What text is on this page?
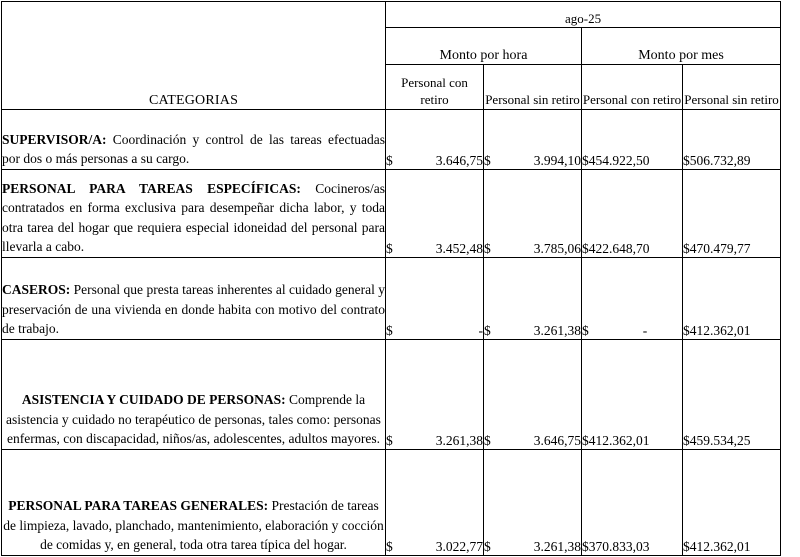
CATEGORIAS	ago-25			
	Monto por hora		Monto por mes	
	Personal con retiro	Personal sin retiro	Personal con retiro	Personal sin retiro
SUPERVISOR/A: Coordinación y control de las tareas efectuadas por dos o más personas a su cargo.	$ 3.646,75	$ 3.994,10	$454.922,50	$506.732,89
PERSONAL PARA TAREAS ESPECÍFICAS: Cocineros/as contratados en forma exclusiva para desempeñar dicha labor, y toda otra tarea del hogar que requiera especial idoneidad del personal para llevarla a cabo.	$ 3.452,48	$ 3.785,06	$422.648,70	$470.479,77
CASEROS: Personal que presta tareas inherentes al cuidado general y preservación de una vivienda en donde habita con motivo del contrato de trabajo.	$ -	$ 3.261,38	$                -	$412.362,01
ASISTENCIA Y CUIDADO DE PERSONAS: Comprende la asistencia y cuidado no terapéutico de personas, tales como: personas enfermas, con discapacidad, niños/as, adolescentes, adultos mayores.	$ 3.261,38	$ 3.646,75	$412.362,01	$459.534,25
PERSONAL PARA TAREAS GENERALES: Prestación de tareas de limpieza, lavado, planchado, mantenimiento, elaboración y cocción de comidas y, en general, toda otra tarea típica del hogar.	$ 3.022,77	$ 3.261,38	$370.833,03	$412.362,01
